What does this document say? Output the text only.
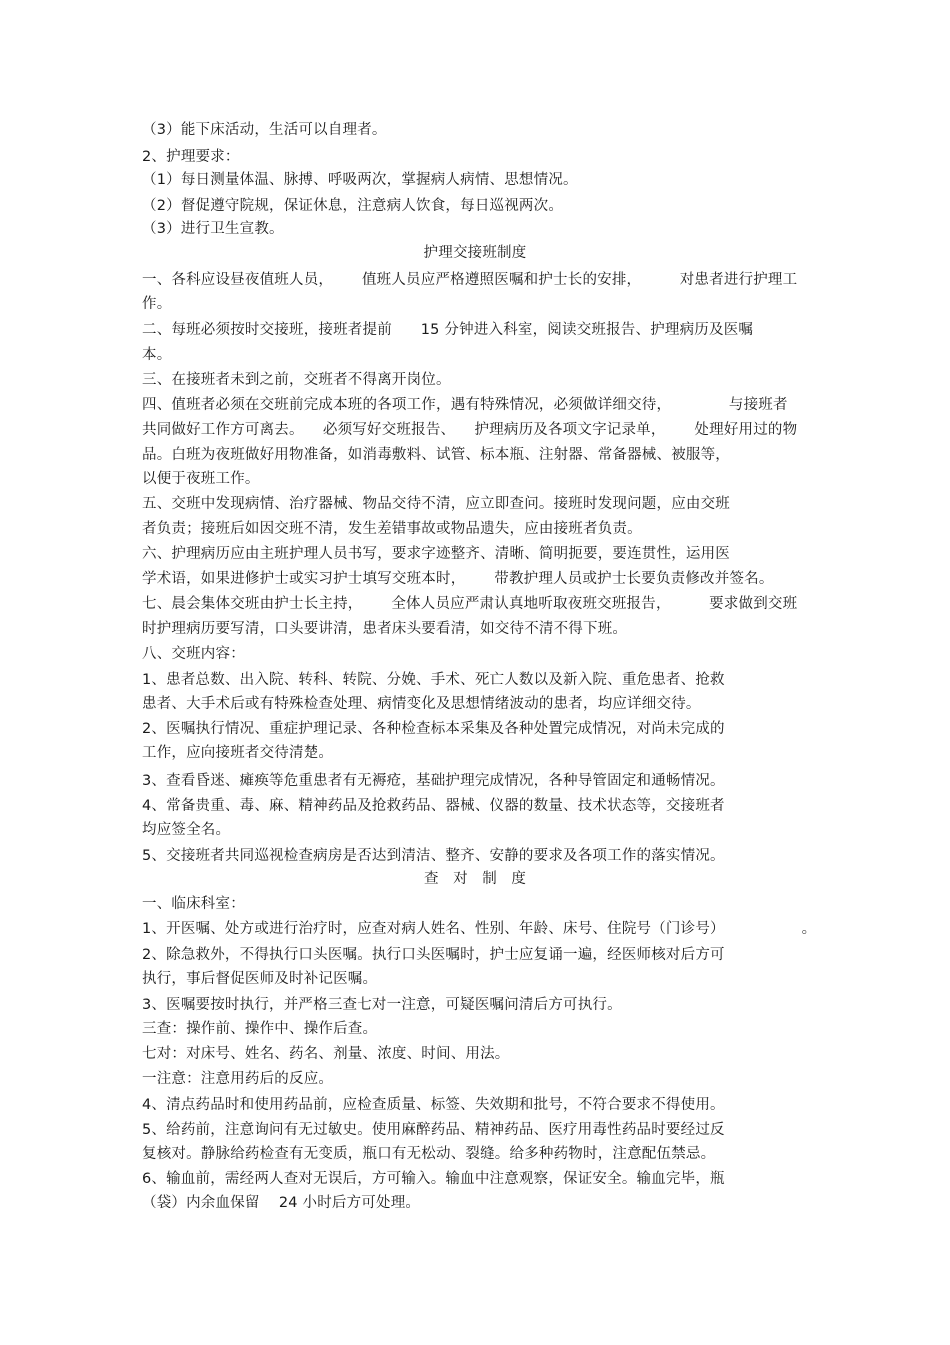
（3）能下床活动，生活可以自理者。
2、护理要求：
（1）每日测量体温、脉搏、呼吸两次，掌握病人病情、思想情况。
（2）督促遵守院规，保证休息，注意病人饮食，每日巡视两次。
（3）进行卫生宣教。
护理交接班制度
一、各科应设昼夜值班人员，      值班人员应严格遵照医嘱和护士长的安排，        对患者进行护理工
作。
二、每班必须按时交接班，接班者提前      15 分钟进入科室，阅读交班报告、护理病历及医嘱
本。
三、在接班者未到之前，交班者不得离开岗位。
四、值班者必须在交班前完成本班的各项工作，遇有特殊情况，必须做详细交待，            与接班者
共同做好工作方可离去。    必须写好交班报告、    护理病历及各项文字记录单，      处理好用过的物
品。白班为夜班做好用物准备，如消毒敷料、试管、标本瓶、注射器、常备器械、被服等，
以便于夜班工作。
五、交班中发现病情、治疗器械、物品交待不清，应立即查问。接班时发现问题，应由交班
者负责；接班后如因交班不清，发生差错事故或物品遗失，应由接班者负责。
六、护理病历应由主班护理人员书写，要求字迹整齐、清晰、简明扼要，要连贯性，运用医
学术语，如果进修护士或实习护士填写交班本时，      带教护理人员或护士长要负责修改并签名。
七、晨会集体交班由护士长主持，      全体人员应严肃认真地听取夜班交班报告，        要求做到交班
时护理病历要写清，口头要讲清，患者床头要看清，如交待不清不得下班。
八、交班内容：
1、患者总数、出入院、转科、转院、分娩、手术、死亡人数以及新入院、重危患者、抢救
患者、大手术后或有特殊检查处理、病情变化及思想情绪波动的患者，均应详细交待。
2、医嘱执行情况、重症护理记录、各种检查标本采集及各种处置完成情况，对尚未完成的
工作，应向接班者交待清楚。
3、查看昏迷、瘫痪等危重患者有无褥疮，基础护理完成情况，各种导管固定和通畅情况。
4、常备贵重、毒、麻、精神药品及抢救药品、器械、仪器的数量、技术状态等，交接班者
均应签全名。
5、交接班者共同巡视检查病房是否达到清洁、整齐、安静的要求及各项工作的落实情况。
查   对   制   度
一、临床科室：
1、开医嘱、处方或进行治疗时，应查对病人姓名、性别、年龄、床号、住院号（门诊号）                。
2、除急救外，不得执行口头医嘱。执行口头医嘱时，护士应复诵一遍，经医师核对后方可
执行，事后督促医师及时补记医嘱。
3、医嘱要按时执行，并严格三查七对一注意，可疑医嘱问清后方可执行。
三查：操作前、操作中、操作后查。
七对：对床号、姓名、药名、剂量、浓度、时间、用法。
一注意：注意用药后的反应。
4、清点药品时和使用药品前，应检查质量、标签、失效期和批号，不符合要求不得使用。
5、给药前，注意询问有无过敏史。使用麻醉药品、精神药品、医疗用毒性药品时要经过反
复核对。静脉给药检查有无变质，瓶口有无松动、裂缝。给多种药物时，注意配伍禁忌。
6、输血前，需经两人查对无误后，方可输入。输血中注意观察，保证安全。输血完毕，瓶
（袋）内余血保留    24 小时后方可处理。
